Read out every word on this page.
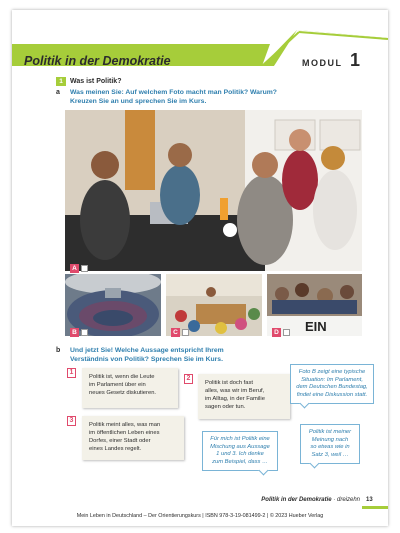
Politik in der Demokratie	MODUL 1
1	Was ist Politik?
a Was meinen Sie: Auf welchem Foto macht man Politik? Warum?
Kreuzen Sie an und sprechen Sie im Kurs.
A
B	C	EIN
D
b Und jetzt Sie! Welche Aussage entspricht Ihrem
Verständnis von Politik? Sprechen Sie im Kurs.
1
Politik ist, wenn die Leute
im Parlament über ein
neues Gesetz diskutieren.
2
Politik ist doch fast
alles, was wir im Beruf,
im Alltag, in der Familie
sagen oder tun.
3
Politik meint alles, was man
im öffentlichen Leben eines
Dorfes, einer Stadt oder
eines Landes regelt.
Foto B zeigt eine typische
Situation: Im Parlament,
dem Deutschen Bundestag,
findet eine Diskussion statt.
Für mich ist Politik eine
Mischung aus Aussage
1 und 3. Ich denke
zum Beispiel, dass …
Politik ist meiner
Meinung nach
so etwas wie in
Satz 3, weil …
Politik in der Demokratie · dreizehn 13
Mein Leben in Deutschland – Der Orientierungskurs | ISBN 978-3-19-081499-2 | © 2023 Hueber Verlag
